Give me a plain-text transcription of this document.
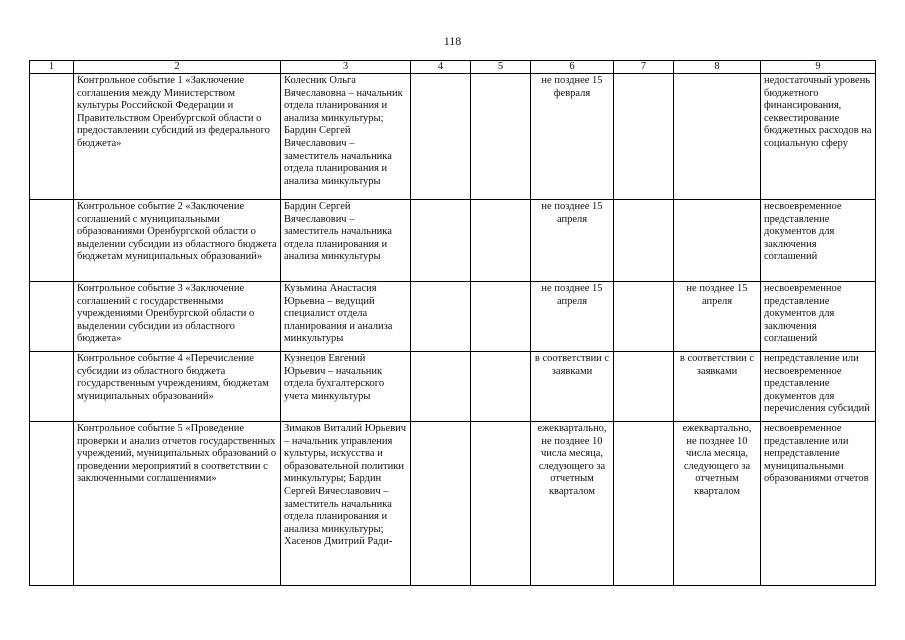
118
1	2	3	4	5	6	7	8	9
	Контрольное событие 1 «Заключение соглашения между Министерством культуры Российской Федерации и Правительством Оренбургской области о предоставлении субсидий из федерального бюджета»	Колесник Ольга Вячеславовна – начальник отдела планирования и анализа минкультуры; Бардин Сергей Вячеславович – заместитель начальника отдела планирования и анализа минкультуры			не позднее 15 февраля			недостаточный уровень бюджетного финансирования, секвестирование бюджетных расходов на социальную сферу
	Контрольное событие 2 «Заключение соглашений с муниципальными образованиями Оренбургской области о выделении субсидии из областного бюджета бюджетам муниципальных образований»	Бардин Сергей Вячеславович – заместитель начальника отдела планирования и анализа минкультуры			не позднее 15 апреля			несвоевременное представление документов для заключения соглашений
	Контрольное событие 3 «Заключение соглашений с государственными учреждениями Оренбургской области о выделении субсидии из областного бюджета»	Кузьмина Анастасия Юрьевна – ведущий специалист отдела планирования и анализа минкультуры			не позднее 15 апреля		не позднее 15 апреля	несвоевременное представление документов для заключения соглашений
	Контрольное событие 4 «Перечисление субсидии из областного бюджета государственным учреждениям, бюджетам муниципальных образований»	Кузнецов Евгений Юрьевич – начальник отдела бухгалтерского учета минкультуры			в соответствии с заявками		в соответствии с заявками	непредставление или несвоевременное представление документов для перечисления субсидий
	Контрольное событие 5 «Проведение проверки и анализ отчетов государственных учреждений, муниципальных образований о проведении мероприятий в соответствии с заключенными соглашениями»	Зимаков Виталий Юрьевич – начальник управления культуры, искусства и образовательной политики минкультуры; Бардин Сергей Вячеславович – заместитель начальника отдела планирования и анализа минкультуры; Хасенов Дмитрий Ради-			ежеквартально, не позднее 10 числа месяца, следующего за отчетным кварталом		ежеквартально, не позднее 10 числа месяца, следующего за отчетным кварталом	несвоевременное представление или непредставление муниципальными образованиями отчетов
